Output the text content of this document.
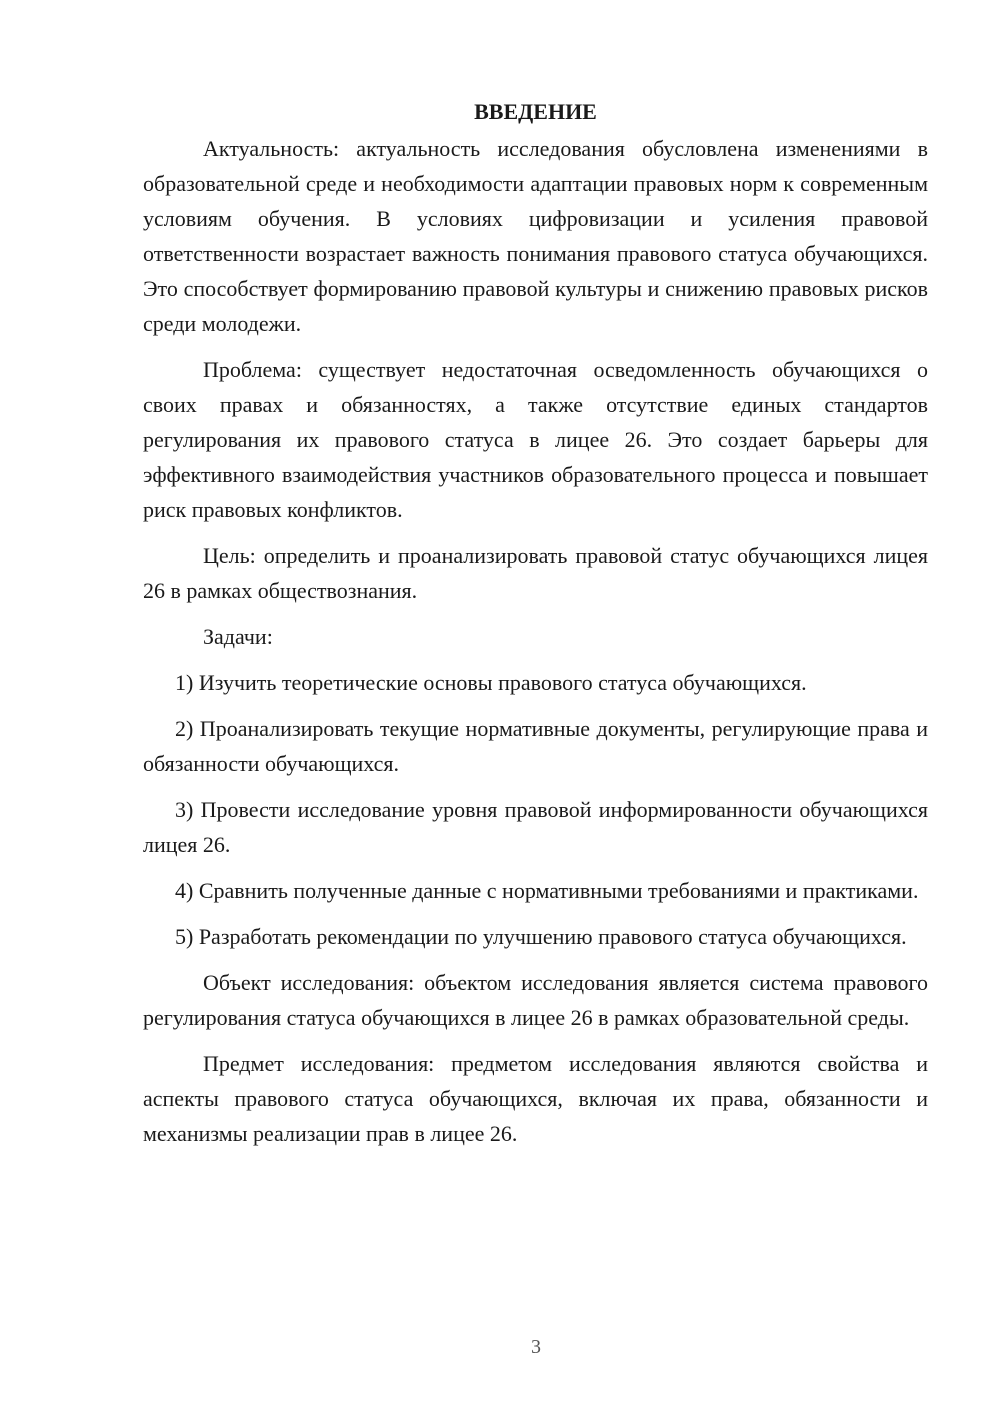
ВВЕДЕНИЕ

Актуальность: актуальность исследования обусловлена изменениями в образовательной среде и необходимости адаптации правовых норм к современным условиям обучения. В условиях цифровизации и усиления правовой ответственности возрастает важность понимания правового статуса обучающихся. Это способствует формированию правовой культуры и снижению правовых рисков среди молодежи.

Проблема: существует недостаточная осведомленность обучающихся о своих правах и обязанностях, а также отсутствие единых стандартов регулирования их правового статуса в лицее 26. Это создает барьеры для эффективного взаимодействия участников образовательного процесса и повышает риск правовых конфликтов.

Цель: определить и проанализировать правовой статус обучающихся лицея 26 в рамках обществознания.

Задачи:

1) Изучить теоретические основы правового статуса обучающихся.

2) Проанализировать текущие нормативные документы, регулирующие права и обязанности обучающихся.

3) Провести исследование уровня правовой информированности обучающихся лицея 26.

4) Сравнить полученные данные с нормативными требованиями и практиками.

5) Разработать рекомендации по улучшению правового статуса обучающихся.

Объект исследования: объектом исследования является система правового регулирования статуса обучающихся в лицее 26 в рамках образовательной среды.

Предмет исследования: предметом исследования являются свойства и аспекты правового статуса обучающихся, включая их права, обязанности и механизмы реализации прав в лицее 26.

3
